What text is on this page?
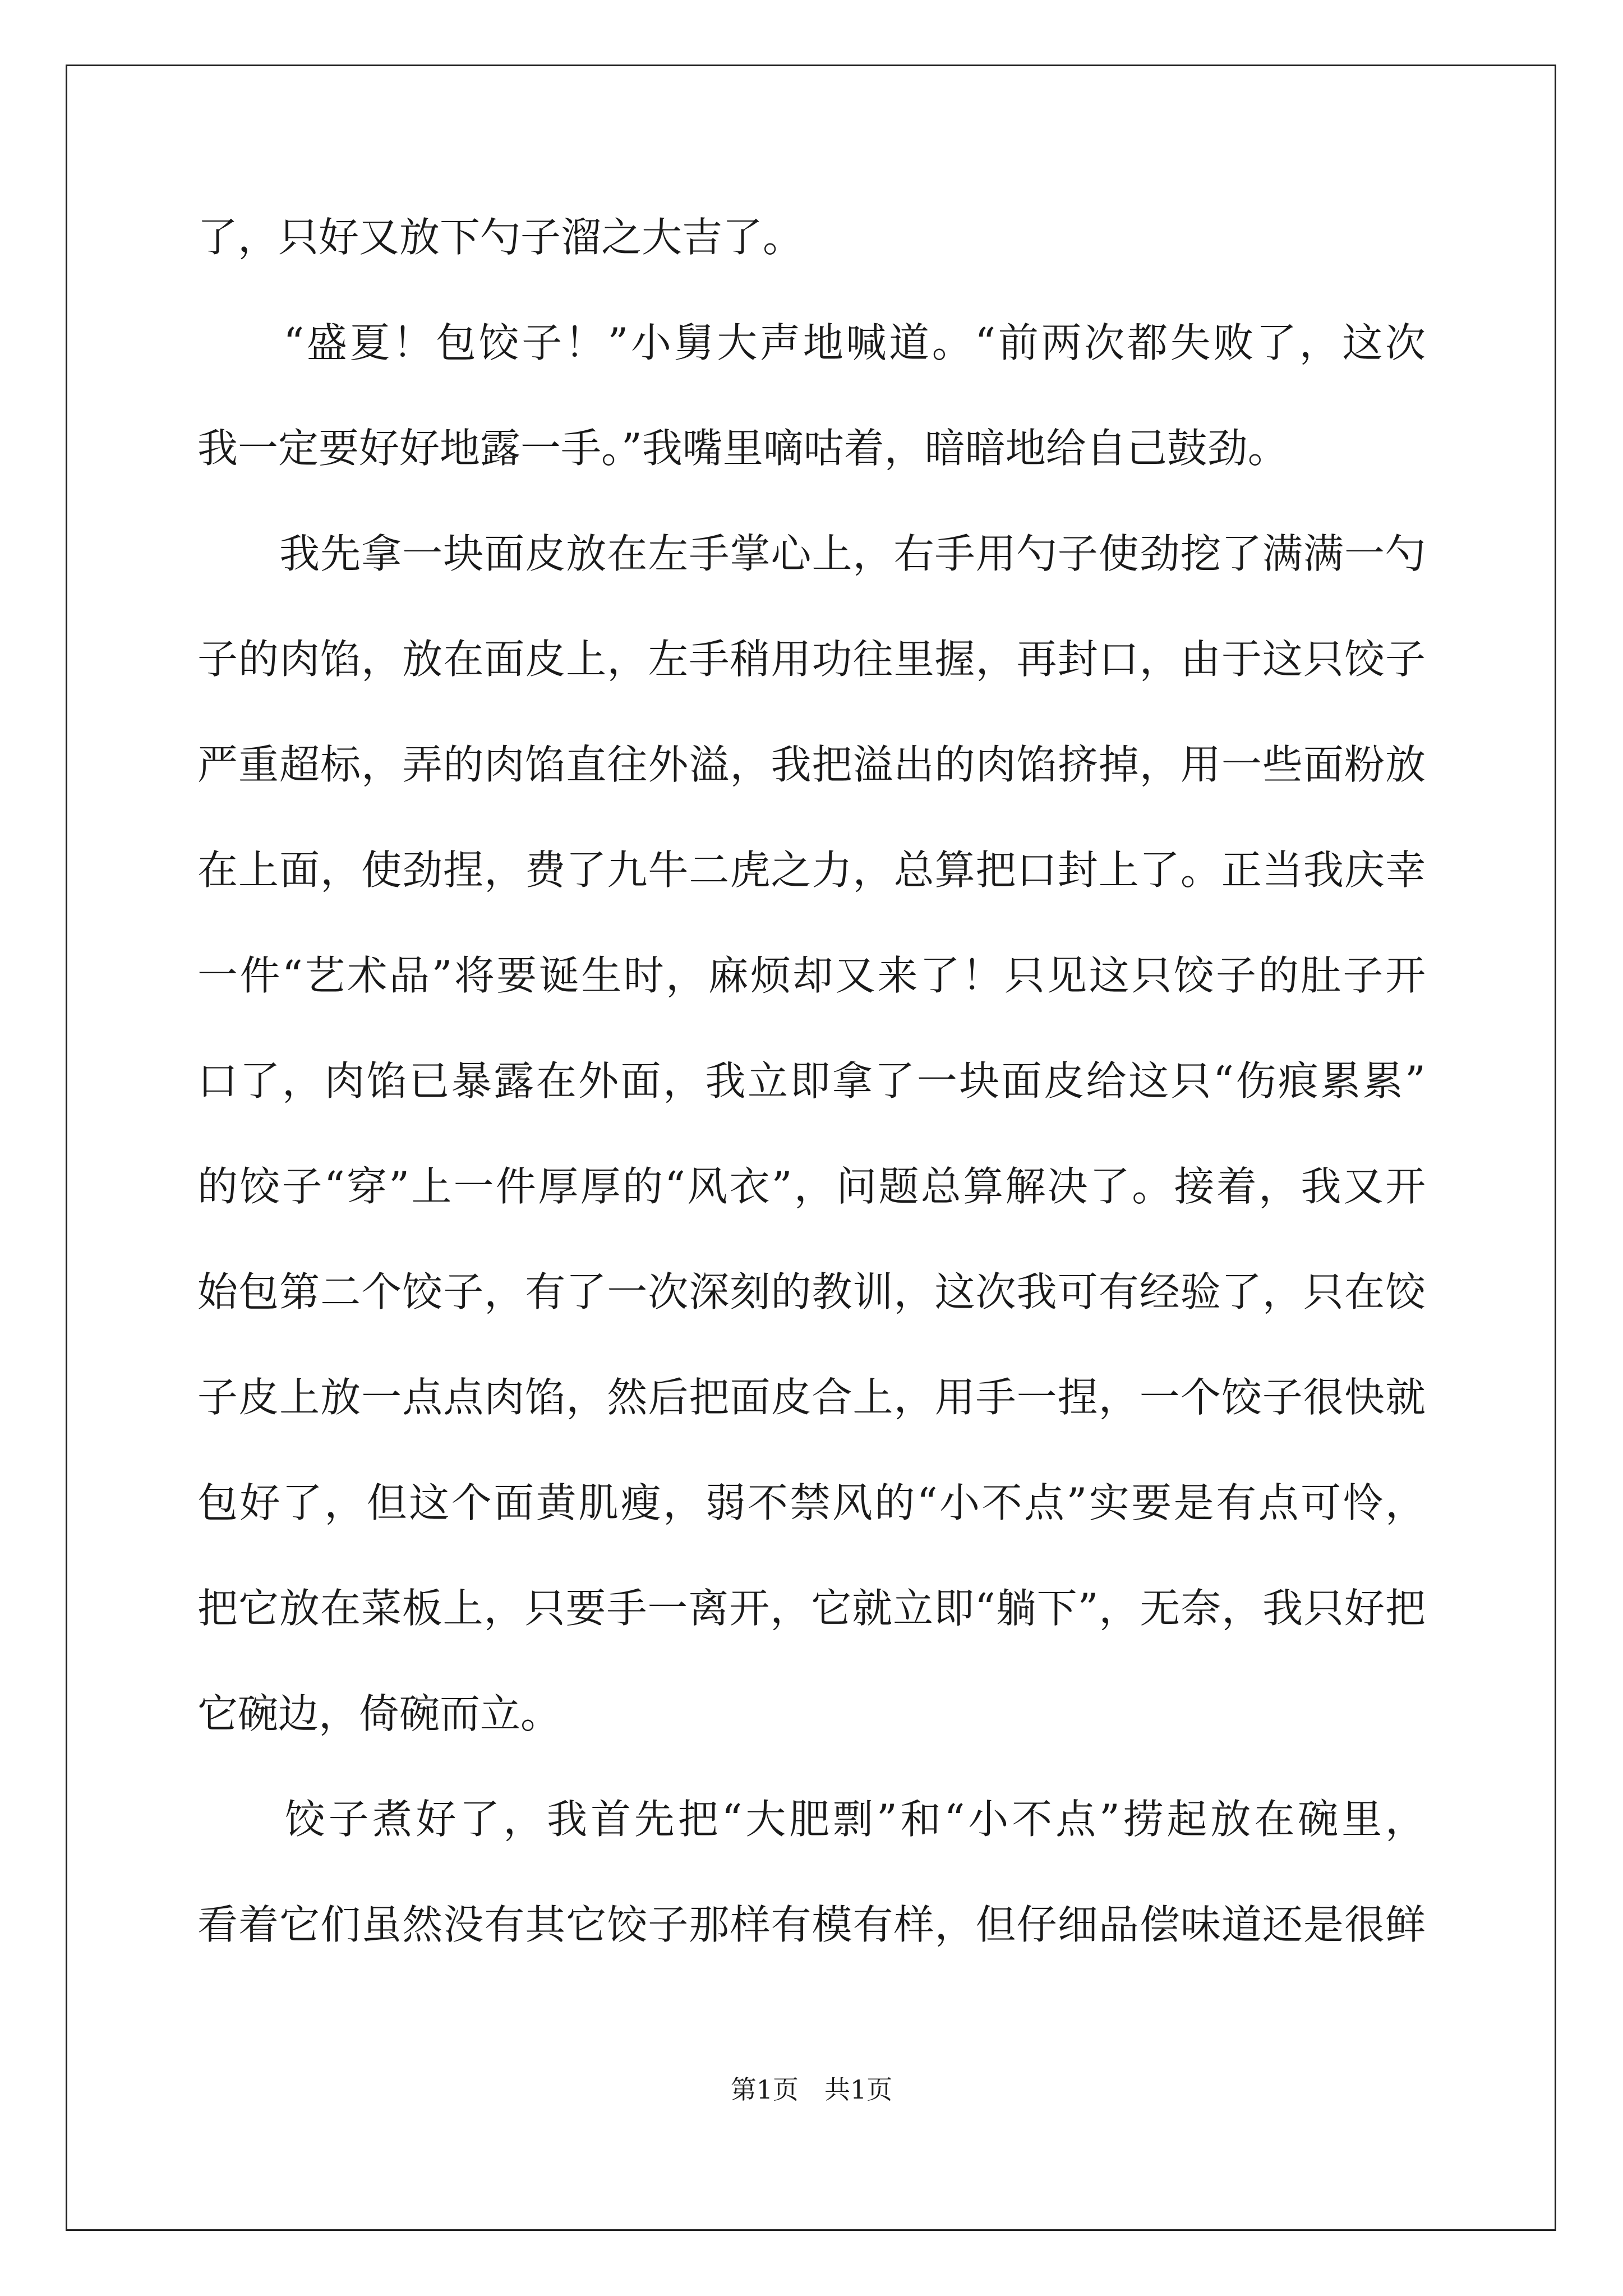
了，只好又放下勺子溜之大吉了。
　　“盛夏！包饺子！”小舅大声地喊道。“前两次都失败了，这次
我一定要好好地露一手。”我嘴里嘀咕着，暗暗地给自己鼓劲。
　　我先拿一块面皮放在左手掌心上，右手用勺子使劲挖了满满一勺
子的肉馅，放在面皮上，左手稍用功往里握，再封口，由于这只饺子
严重超标，弄的肉馅直往外溢，我把溢出的肉馅挤掉，用一些面粉放
在上面，使劲捏，费了九牛二虎之力，总算把口封上了。正当我庆幸
一件“艺术品”将要诞生时，麻烦却又来了！只见这只饺子的肚子开
口了，肉馅已暴露在外面，我立即拿了一块面皮给这只“伤痕累累”
的饺子“穿”上一件厚厚的“风衣”，问题总算解决了。接着，我又开
始包第二个饺子，有了一次深刻的教训，这次我可有经验了，只在饺
子皮上放一点点肉馅，然后把面皮合上，用手一捏，一个饺子很快就
包好了，但这个面黄肌瘦，弱不禁风的“小不点”实要是有点可怜，
把它放在菜板上，只要手一离开，它就立即“躺下”，无奈，我只好把
它碗边，倚碗而立。
　　饺子煮好了，我首先把“大肥剽”和“小不点”捞起放在碗里，
看着它们虽然没有其它饺子那样有模有样，但仔细品偿味道还是很鲜
第1页　共1页
